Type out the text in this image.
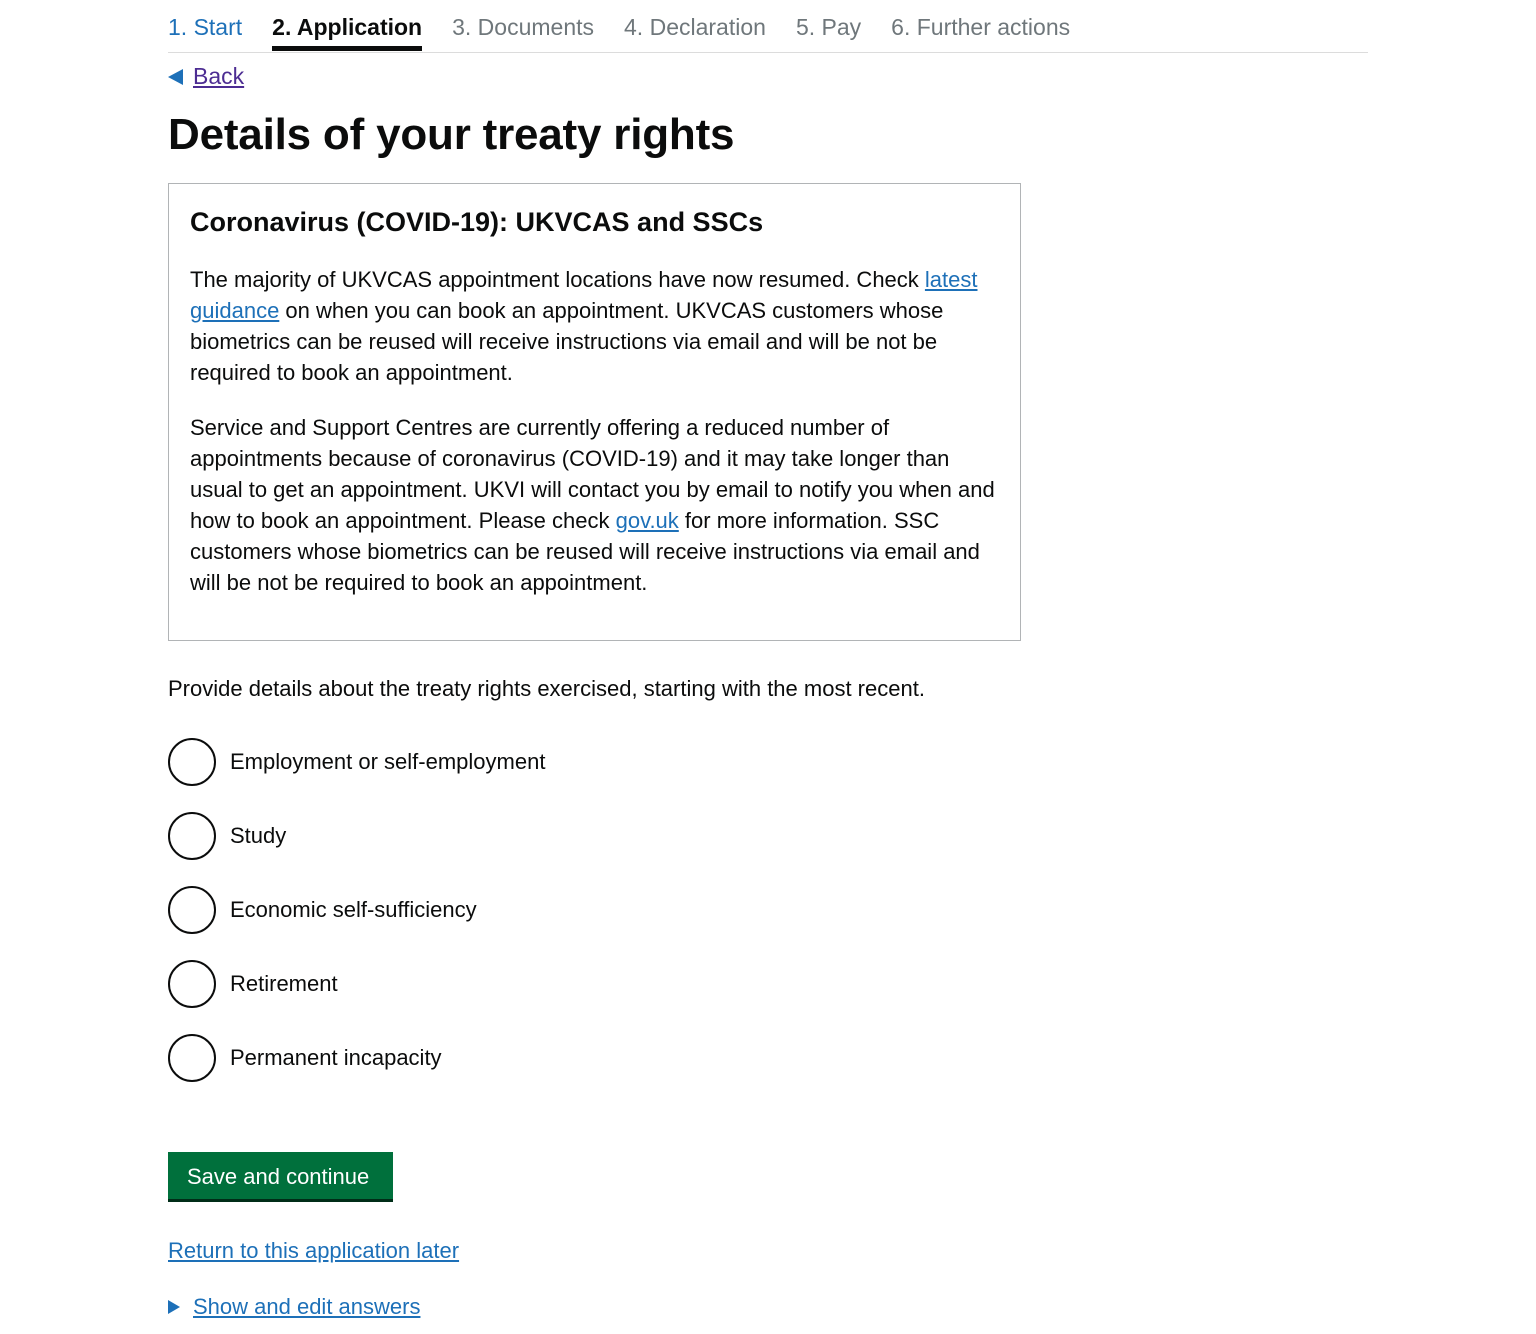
1. Start 2. Application 3. Documents 4. Declaration 5. Pay 6. Further actions
Back
Details of your treaty rights
Coronavirus (COVID-19): UKVCAS and SSCs

The majority of UKVCAS appointment locations have now resumed. Check latest guidance on when you can book an appointment. UKVCAS customers whose biometrics can be reused will receive instructions via email and will be not be required to book an appointment.

Service and Support Centres are currently offering a reduced number of appointments because of coronavirus (COVID-19) and it may take longer than usual to get an appointment. UKVI will contact you by email to notify you when and how to book an appointment. Please check gov.uk for more information. SSC customers whose biometrics can be reused will receive instructions via email and will be not be required to book an appointment.

Provide details about the treaty rights exercised, starting with the most recent.
Employment or self-employment
Study
Economic self-sufficiency
Retirement
Permanent incapacity
Save and continue
Return to this application later
Show and edit answers
